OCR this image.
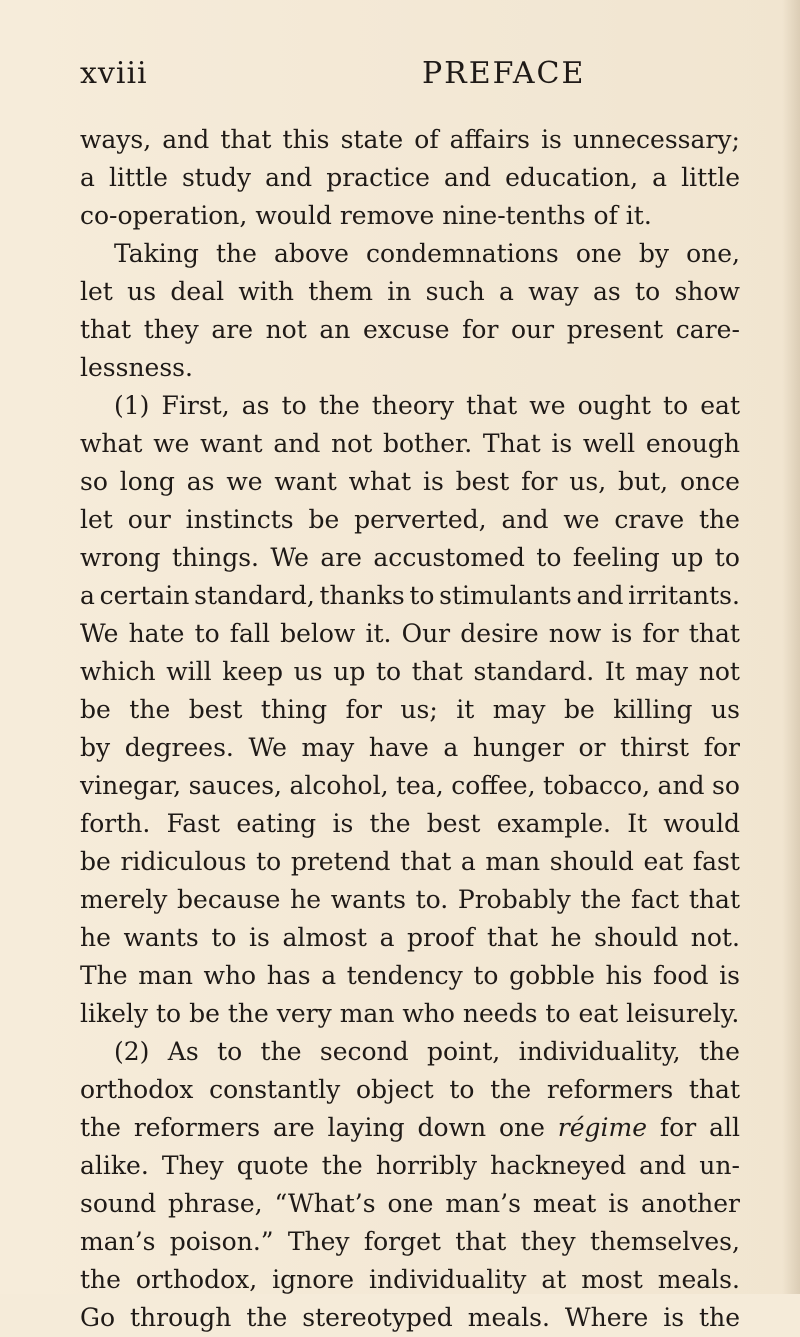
xviii	PREFACE
ways, and that this state of affairs is unnecessary;
a little study and practice and education, a little
co-operation,
would
remove
nine-tenths
of
it.
Taking the above condemnations one by one,
let us deal with them in such a way as to show
that they are not an excuse for our present care-
lessness.
(1) First, as to the theory that we ought to eat
what we want and not bother. That is well enough
so long as we want what is best for us, but, once
let our instincts be perverted, and we crave the
wrong things. We are accustomed to feeling up to
a certain standard, thanks to stimulants and irritants.
We hate to fall below it. Our desire now is for that
which will keep us up to that standard. It may not
be the best thing for us; it may be killing us
by degrees. We may have a hunger or thirst for
vinegar, sauces, alcohol, tea, coffee, tobacco, and so
forth. Fast eating is the best example. It would
be ridiculous to pretend that a man should eat fast
merely because he wants to. Probably the fact that
he wants to is almost a proof that he should not.
The man who has a tendency to gobble his food is
likely
to
be
the
very
man
who
needs
to
eat
leisurely.
(2) As to the second point, individuality, the
orthodox constantly object to the reformers that
the reformers are laying down one régime for all
alike. They quote the horribly hackneyed and un-
sound phrase, “What’s one man’s meat is another
man’s poison.” They forget that they themselves,
the orthodox, ignore individuality at most meals.
Go through the stereotyped meals. Where is the
